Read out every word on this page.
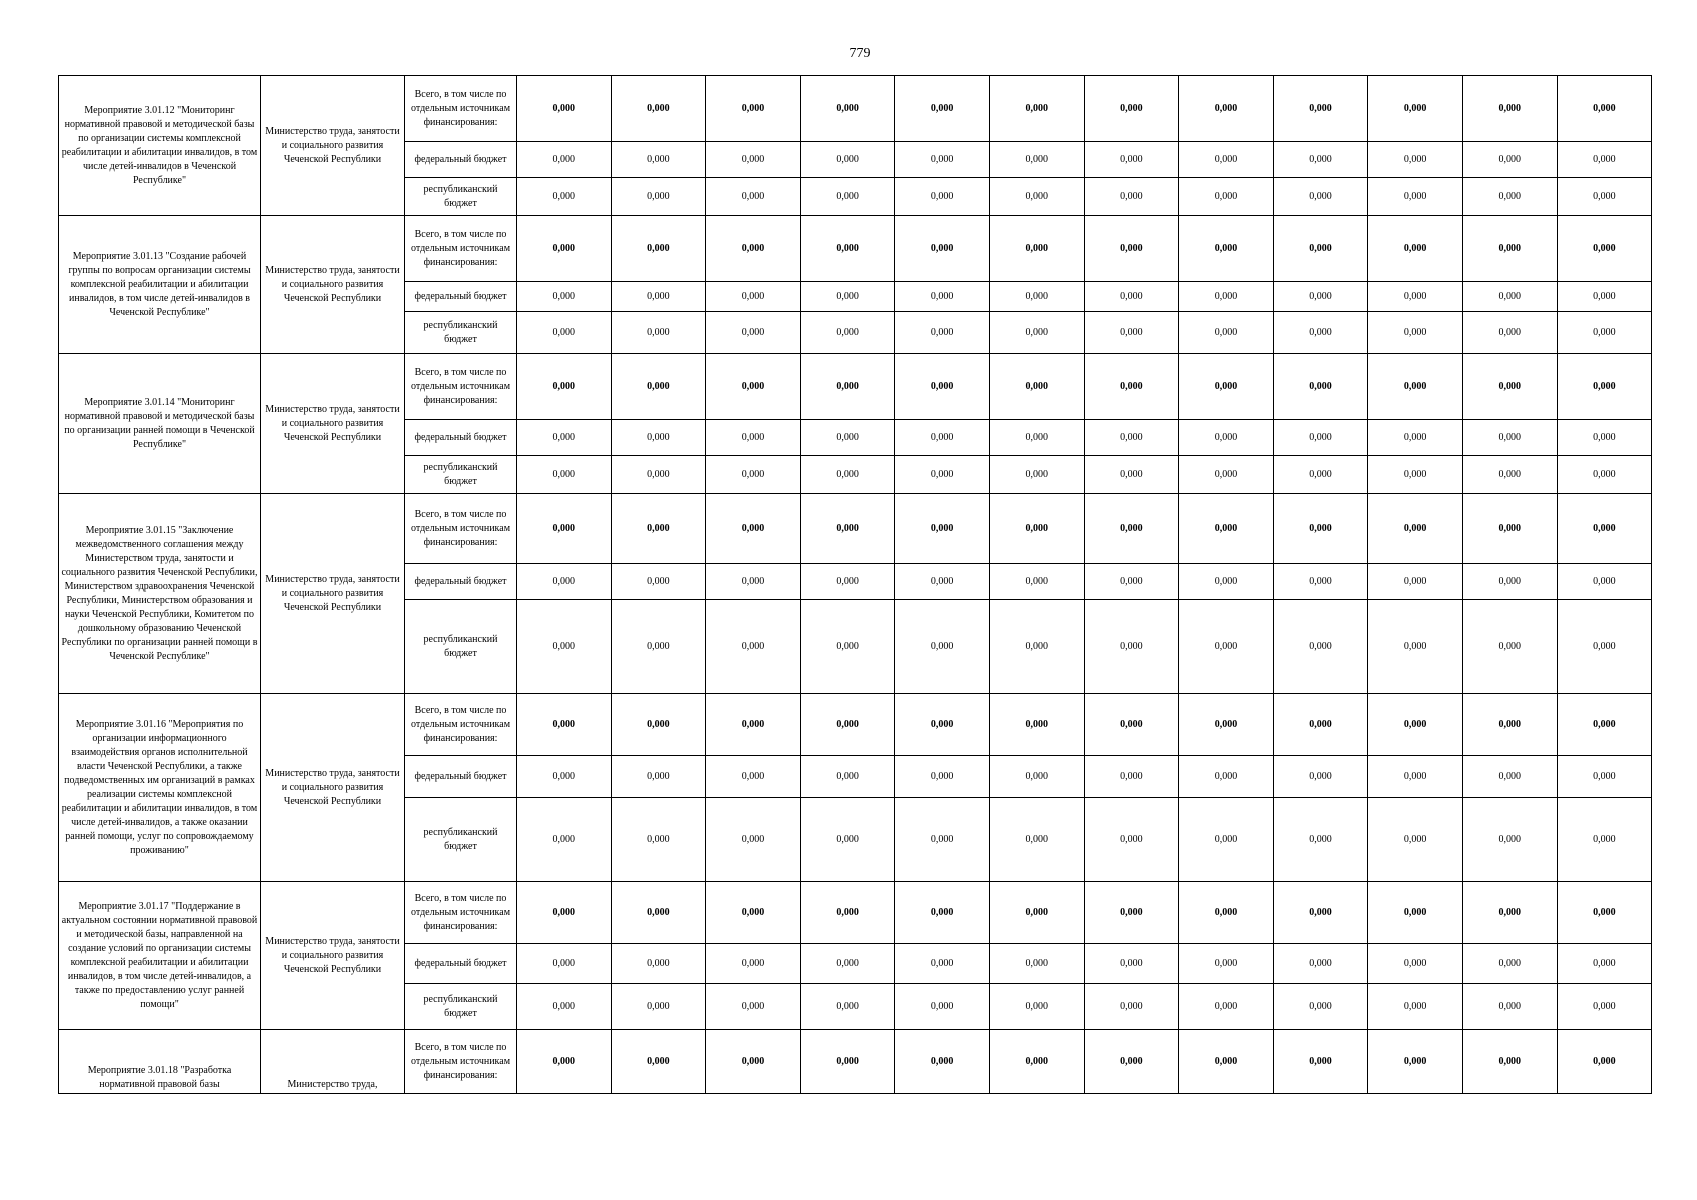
779
Мероприятие 3.01.12 "Мониторинг нормативной правовой и методической базы по организации системы комплексной реабилитации и абилитации инвалидов, в том числе детей-инвалидов в Чеченской Республике"	Министерство труда, занятости и социального развития Чеченской Республики	Всего, в том числе по отдельным источникам финансирования:	0,000	0,000	0,000	0,000	0,000	0,000	0,000	0,000	0,000	0,000	0,000	0,000
		федеральный бюджет	0,000	0,000	0,000	0,000	0,000	0,000	0,000	0,000	0,000	0,000	0,000	0,000
		республиканский бюджет	0,000	0,000	0,000	0,000	0,000	0,000	0,000	0,000	0,000	0,000	0,000	0,000
Мероприятие 3.01.13 "Создание рабочей группы по вопросам организации системы комплексной реабилитации и абилитации инвалидов, в том числе детей-инвалидов в Чеченской Республике"	Министерство труда, занятости и социального развития Чеченской Республики	Всего, в том числе по отдельным источникам финансирования:	0,000	0,000	0,000	0,000	0,000	0,000	0,000	0,000	0,000	0,000	0,000	0,000
		федеральный бюджет	0,000	0,000	0,000	0,000	0,000	0,000	0,000	0,000	0,000	0,000	0,000	0,000
		республиканский бюджет	0,000	0,000	0,000	0,000	0,000	0,000	0,000	0,000	0,000	0,000	0,000	0,000
Мероприятие 3.01.14 "Мониторинг нормативной правовой и методической базы по организации ранней помощи в Чеченской Республике"	Министерство труда, занятости и социального развития Чеченской Республики	Всего, в том числе по отдельным источникам финансирования:	0,000	0,000	0,000	0,000	0,000	0,000	0,000	0,000	0,000	0,000	0,000	0,000
		федеральный бюджет	0,000	0,000	0,000	0,000	0,000	0,000	0,000	0,000	0,000	0,000	0,000	0,000
		республиканский бюджет	0,000	0,000	0,000	0,000	0,000	0,000	0,000	0,000	0,000	0,000	0,000	0,000
Мероприятие 3.01.15 "Заключение межведомственного соглашения между Министерством труда, занятости и социального развития Чеченской Республики, Министерством здравоохранения Чеченской Республики, Министерством образования и науки Чеченской Республики, Комитетом по дошкольному образованию Чеченской Республики по организации ранней помощи в Чеченской Республике"	Министерство труда, занятости и социального развития Чеченской Республики	Всего, в том числе по отдельным источникам финансирования:	0,000	0,000	0,000	0,000	0,000	0,000	0,000	0,000	0,000	0,000	0,000	0,000
		федеральный бюджет	0,000	0,000	0,000	0,000	0,000	0,000	0,000	0,000	0,000	0,000	0,000	0,000
		республиканский бюджет	0,000	0,000	0,000	0,000	0,000	0,000	0,000	0,000	0,000	0,000	0,000	0,000
Мероприятие 3.01.16 "Мероприятия по организации информационного взаимодействия органов исполнительной власти Чеченской Республики, а также подведомственных им организаций в рамках реализации системы комплексной реабилитации и абилитации инвалидов, в том числе детей-инвалидов, а также оказании ранней помощи, услуг по сопровождаемому проживанию"	Министерство труда, занятости и социального развития Чеченской Республики	Всего, в том числе по отдельным источникам финансирования:	0,000	0,000	0,000	0,000	0,000	0,000	0,000	0,000	0,000	0,000	0,000	0,000
		федеральный бюджет	0,000	0,000	0,000	0,000	0,000	0,000	0,000	0,000	0,000	0,000	0,000	0,000
		республиканский бюджет	0,000	0,000	0,000	0,000	0,000	0,000	0,000	0,000	0,000	0,000	0,000	0,000
Мероприятие 3.01.17 "Поддержание в актуальном состоянии нормативной правовой и методической базы, направленной на создание условий по организации системы комплексной реабилитации и абилитации инвалидов, в том числе детей-инвалидов, а также по предоставлению услуг ранней помощи"	Министерство труда, занятости и социального развития Чеченской Республики	Всего, в том числе по отдельным источникам финансирования:	0,000	0,000	0,000	0,000	0,000	0,000	0,000	0,000	0,000	0,000	0,000	0,000
		федеральный бюджет	0,000	0,000	0,000	0,000	0,000	0,000	0,000	0,000	0,000	0,000	0,000	0,000
		республиканский бюджет	0,000	0,000	0,000	0,000	0,000	0,000	0,000	0,000	0,000	0,000	0,000	0,000
Мероприятие 3.01.18 "Разработка нормативной правовой базы	Министерство труда,	Всего, в том числе по отдельным источникам финансирования:	0,000	0,000	0,000	0,000	0,000	0,000	0,000	0,000	0,000	0,000	0,000	0,000
